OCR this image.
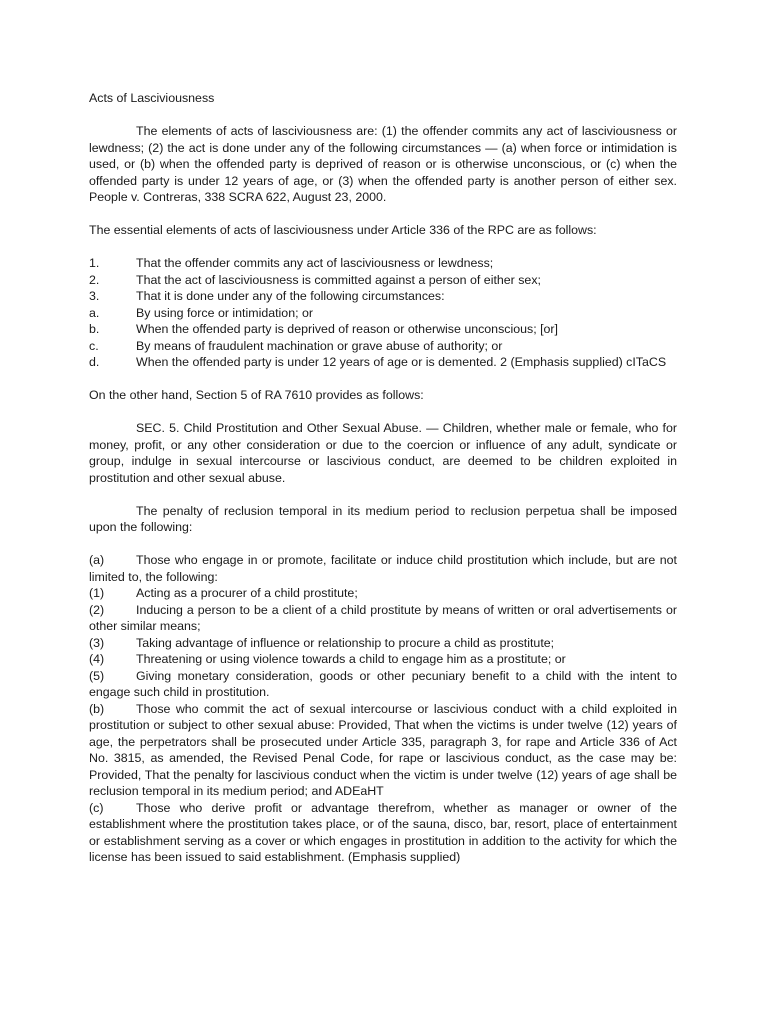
Acts of Lasciviousness

The elements of acts of lasciviousness are: (1) the offender commits any act of lasciviousness or lewdness; (2) the act is done under any of the following circumstances — (a) when force or intimidation is used, or (b) when the offended party is deprived of reason or is otherwise unconscious, or (c) when the offended party is under 12 years of age, or (3) when the offended party is another person of either sex. People v. Contreras, 338 SCRA 622, August 23, 2000.

The essential elements of acts of lasciviousness under Article 336 of the RPC are as follows:

1.	That the offender commits any act of lasciviousness or lewdness;
2.	That the act of lasciviousness is committed against a person of either sex;
3.	That it is done under any of the following circumstances:
a.	By using force or intimidation; or
b.	When the offended party is deprived of reason or otherwise unconscious; [or]
c.	By means of fraudulent machination or grave abuse of authority; or
d.	When the offended party is under 12 years of age or is demented. 2 (Emphasis supplied) cITaCS

On the other hand, Section 5 of RA 7610 provides as follows:

SEC. 5. Child Prostitution and Other Sexual Abuse. — Children, whether male or female, who for money, profit, or any other consideration or due to the coercion or influence of any adult, syndicate or group, indulge in sexual intercourse or lascivious conduct, are deemed to be children exploited in prostitution and other sexual abuse.

The penalty of reclusion temporal in its medium period to reclusion perpetua shall be imposed upon the following:

(a)	Those who engage in or promote, facilitate or induce child prostitution which include, but are not limited to, the following:

(1)	Acting as a procurer of a child prostitute;

(2)	Inducing a person to be a client of a child prostitute by means of written or oral advertisements or other similar means;

(3)	Taking advantage of influence or relationship to procure a child as prostitute;

(4)	Threatening or using violence towards a child to engage him as a prostitute; or

(5)	Giving monetary consideration, goods or other pecuniary benefit to a child with the intent to engage such child in prostitution.

(b)	Those who commit the act of sexual intercourse or lascivious conduct with a child exploited in prostitution or subject to other sexual abuse: Provided, That when the victims is under twelve (12) years of age, the perpetrators shall be prosecuted under Article 335, paragraph 3, for rape and Article 336 of Act No. 3815, as amended, the Revised Penal Code, for rape or lascivious conduct, as the case may be: Provided, That the penalty for lascivious conduct when the victim is under twelve (12) years of age shall be reclusion temporal in its medium period; and ADEaHT

(c)	Those who derive profit or advantage therefrom, whether as manager or owner of the establishment where the prostitution takes place, or of the sauna, disco, bar, resort, place of entertainment or establishment serving as a cover or which engages in prostitution in addition to the activity for which the license has been issued to said establishment. (Emphasis supplied)
